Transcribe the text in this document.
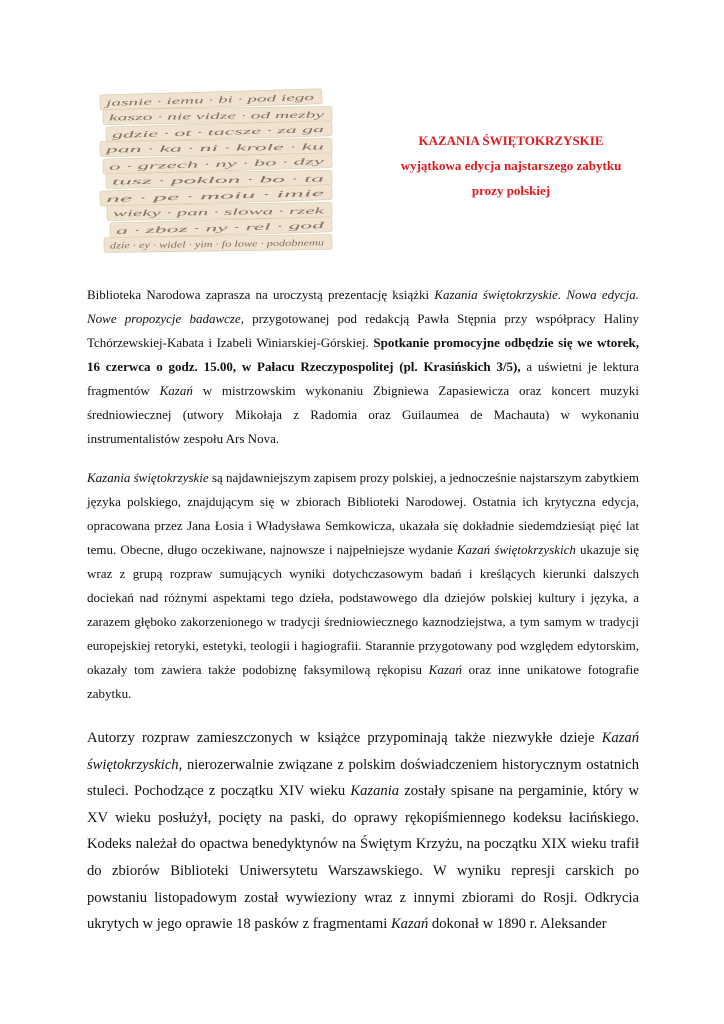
jasnie · iemu · bi · pod iego
kaszo · nie vidze · od mezby
gdzie · ot · tacsze · za ga
pan · ka · ni · krole · ku
o · grzech · ny · bo · dzy
tusz · poklon · bo · ta
ne · pe · moiu · imie
wieky · pan · slowa · rzek
a · zboz · ny · rel · god
dzie · ey · widel · yim · fo lowe · podobnemu
KAZANIA ŚWIĘTOKRZYSKIE
wyjątkowa edycja najstarszego zabytku
prozy polskiej

Biblioteka Narodowa zaprasza na uroczystą prezentację książki Kazania świętokrzyskie. Nowa edycja. Nowe propozycje badawcze, przygotowanej pod redakcją Pawła Stępnia przy współpracy Haliny Tchórzewskiej-Kabata i Izabeli Winiarskiej-Górskiej. Spotkanie promocyjne odbędzie się we wtorek, 16 czerwca o godz. 15.00, w Pałacu Rzeczypospolitej (pl. Krasińskich 3/5), a uświetni je lektura fragmentów Kazań w mistrzowskim wykonaniu Zbigniewa Zapasiewicza oraz koncert muzyki średniowiecznej (utwory Mikołaja z Radomia oraz Guilaumea de Machauta) w wykonaniu instrumentalistów zespołu Ars Nova.

Kazania świętokrzyskie są najdawniejszym zapisem prozy polskiej, a jednocześnie najstarszym zabytkiem języka polskiego, znajdującym się w zbiorach Biblioteki Narodowej. Ostatnia ich krytyczna edycja, opracowana przez Jana Łosia i Władysława Semkowicza, ukazała się dokładnie siedemdziesiąt pięć lat temu. Obecne, długo oczekiwane, najnowsze i najpełniejsze wydanie Kazań świętokrzyskich ukazuje się wraz z grupą rozpraw sumujących wyniki dotychczasowym badań i kreślących kierunki dalszych dociekań nad różnymi aspektami tego dzieła, podstawowego dla dziejów polskiej kultury i języka, a zarazem głęboko zakorzenionego w tradycji średniowiecznego kaznodziejstwa, a tym samym w tradycji europejskiej retoryki, estetyki, teologii i hagiografii. Starannie przygotowany pod względem edytorskim, okazały tom zawiera także podobiznę faksymilową rękopisu Kazań oraz inne unikatowe fotografie zabytku.

Autorzy rozpraw zamieszczonych w książce przypominają także niezwykłe dzieje Kazań świętokrzyskich, nierozerwalnie związane z polskim doświadczeniem historycznym ostatnich stuleci. Pochodzące z początku XIV wieku Kazania zostały spisane na pergaminie, który w XV wieku posłużył, pocięty na paski, do oprawy rękopiśmiennego kodeksu łacińskiego. Kodeks należał do opactwa benedyktynów na Świętym Krzyżu, na początku XIX wieku trafił do zbiorów Biblioteki Uniwersytetu Warszawskiego. W wyniku represji carskich po powstaniu listopadowym został wywieziony wraz z innymi zbiorami do Rosji. Odkrycia ukrytych w jego oprawie 18 pasków z fragmentami Kazań dokonał w 1890 r. Aleksander
